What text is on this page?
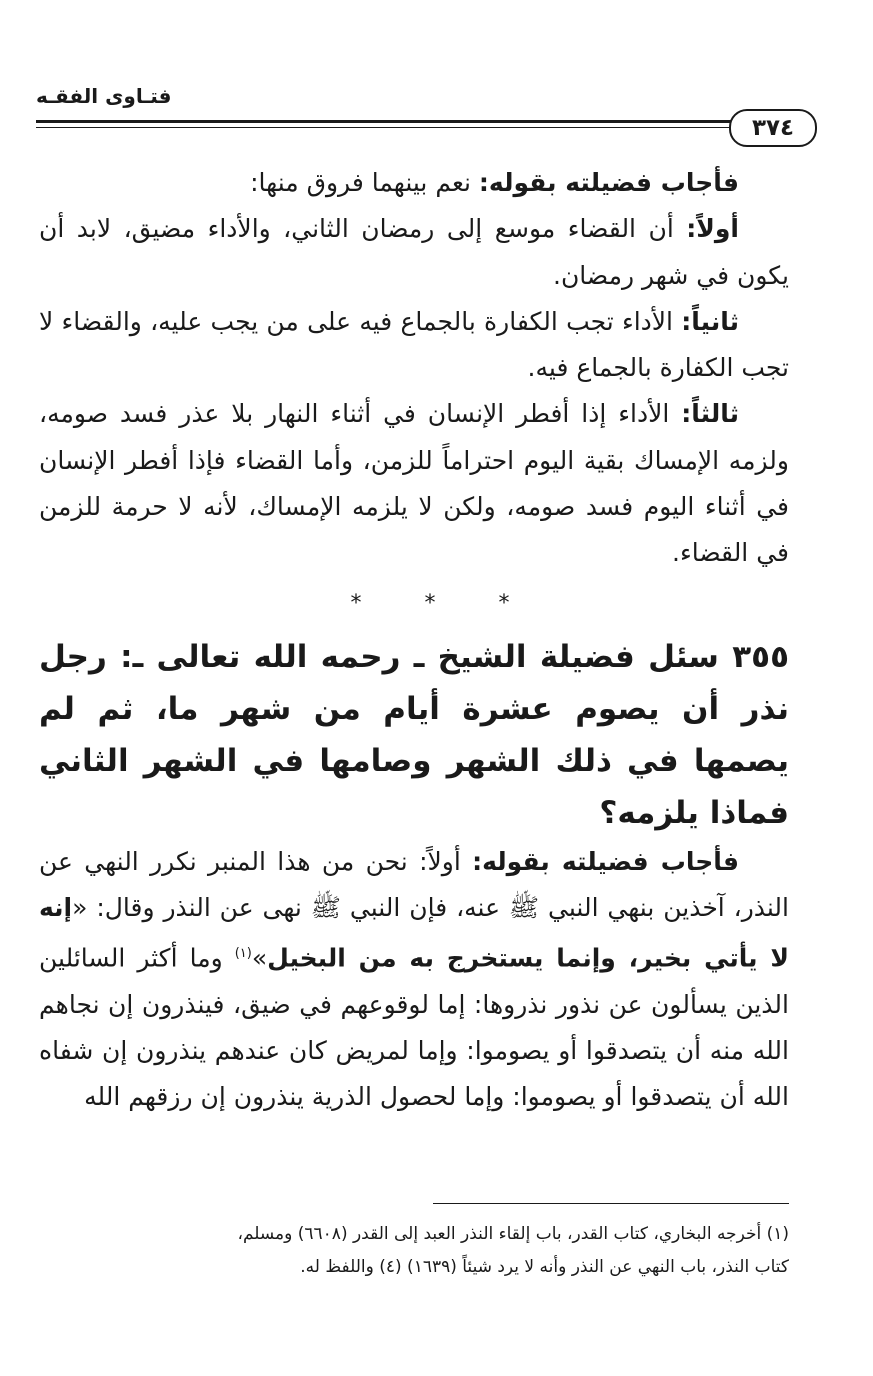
فتـاوى الفقـه
٣٧٤

فأجاب فضيلته بقوله: نعم بينهما فروق منها:

أولاً: أن القضاء موسع إلى رمضان الثاني، والأداء مضيق، لابد أن يكون في شهر رمضان.

ثانياً: الأداء تجب الكفارة بالجماع فيه على من يجب عليه، والقضاء لا تجب الكفارة بالجماع فيه.

ثالثاً: الأداء إذا أفطر الإنسان في أثناء النهار بلا عذر فسد صومه، ولزمه الإمساك بقية اليوم احتراماً للزمن، وأما القضاء فإذا أفطر الإنسان في أثناء اليوم فسد صومه، ولكن لا يلزمه الإمساك، لأنه لا حرمة للزمن في القضاء.

* * *

٣٥٥ سئل فضيلة الشيخ ـ رحمه الله تعالى ـ: رجل نذر أن يصوم عشرة أيام من شهر ما، ثم لم يصمها في ذلك الشهر وصامها في الشهر الثاني فماذا يلزمه؟

فأجاب فضيلته بقوله: أولاً: نحن من هذا المنبر نكرر النهي عن النذر، آخذين بنهي النبي ﷺ عنه، فإن النبي ﷺ نهى عن النذر وقال: «إنه لا يأتي بخير، وإنما يستخرج به من البخيل»$^{(١)}$ وما أكثر السائلين الذين يسألون عن نذور نذروها: إما لوقوعهم في ضيق، فينذرون إن نجاهم الله منه أن يتصدقوا أو يصوموا: وإما لمريض كان عندهم ينذرون إن شفاه الله أن يتصدقوا أو يصوموا: وإما لحصول الذرية ينذرون إن رزقهم الله

(١) أخرجه البخاري، كتاب القدر، باب إلقاء النذر العبد إلى القدر (٦٦٠٨) ومسلم،

كتاب النذر، باب النهي عن النذر وأنه لا يرد شيئاً (١٦٣٩) (٤) واللفظ له.
